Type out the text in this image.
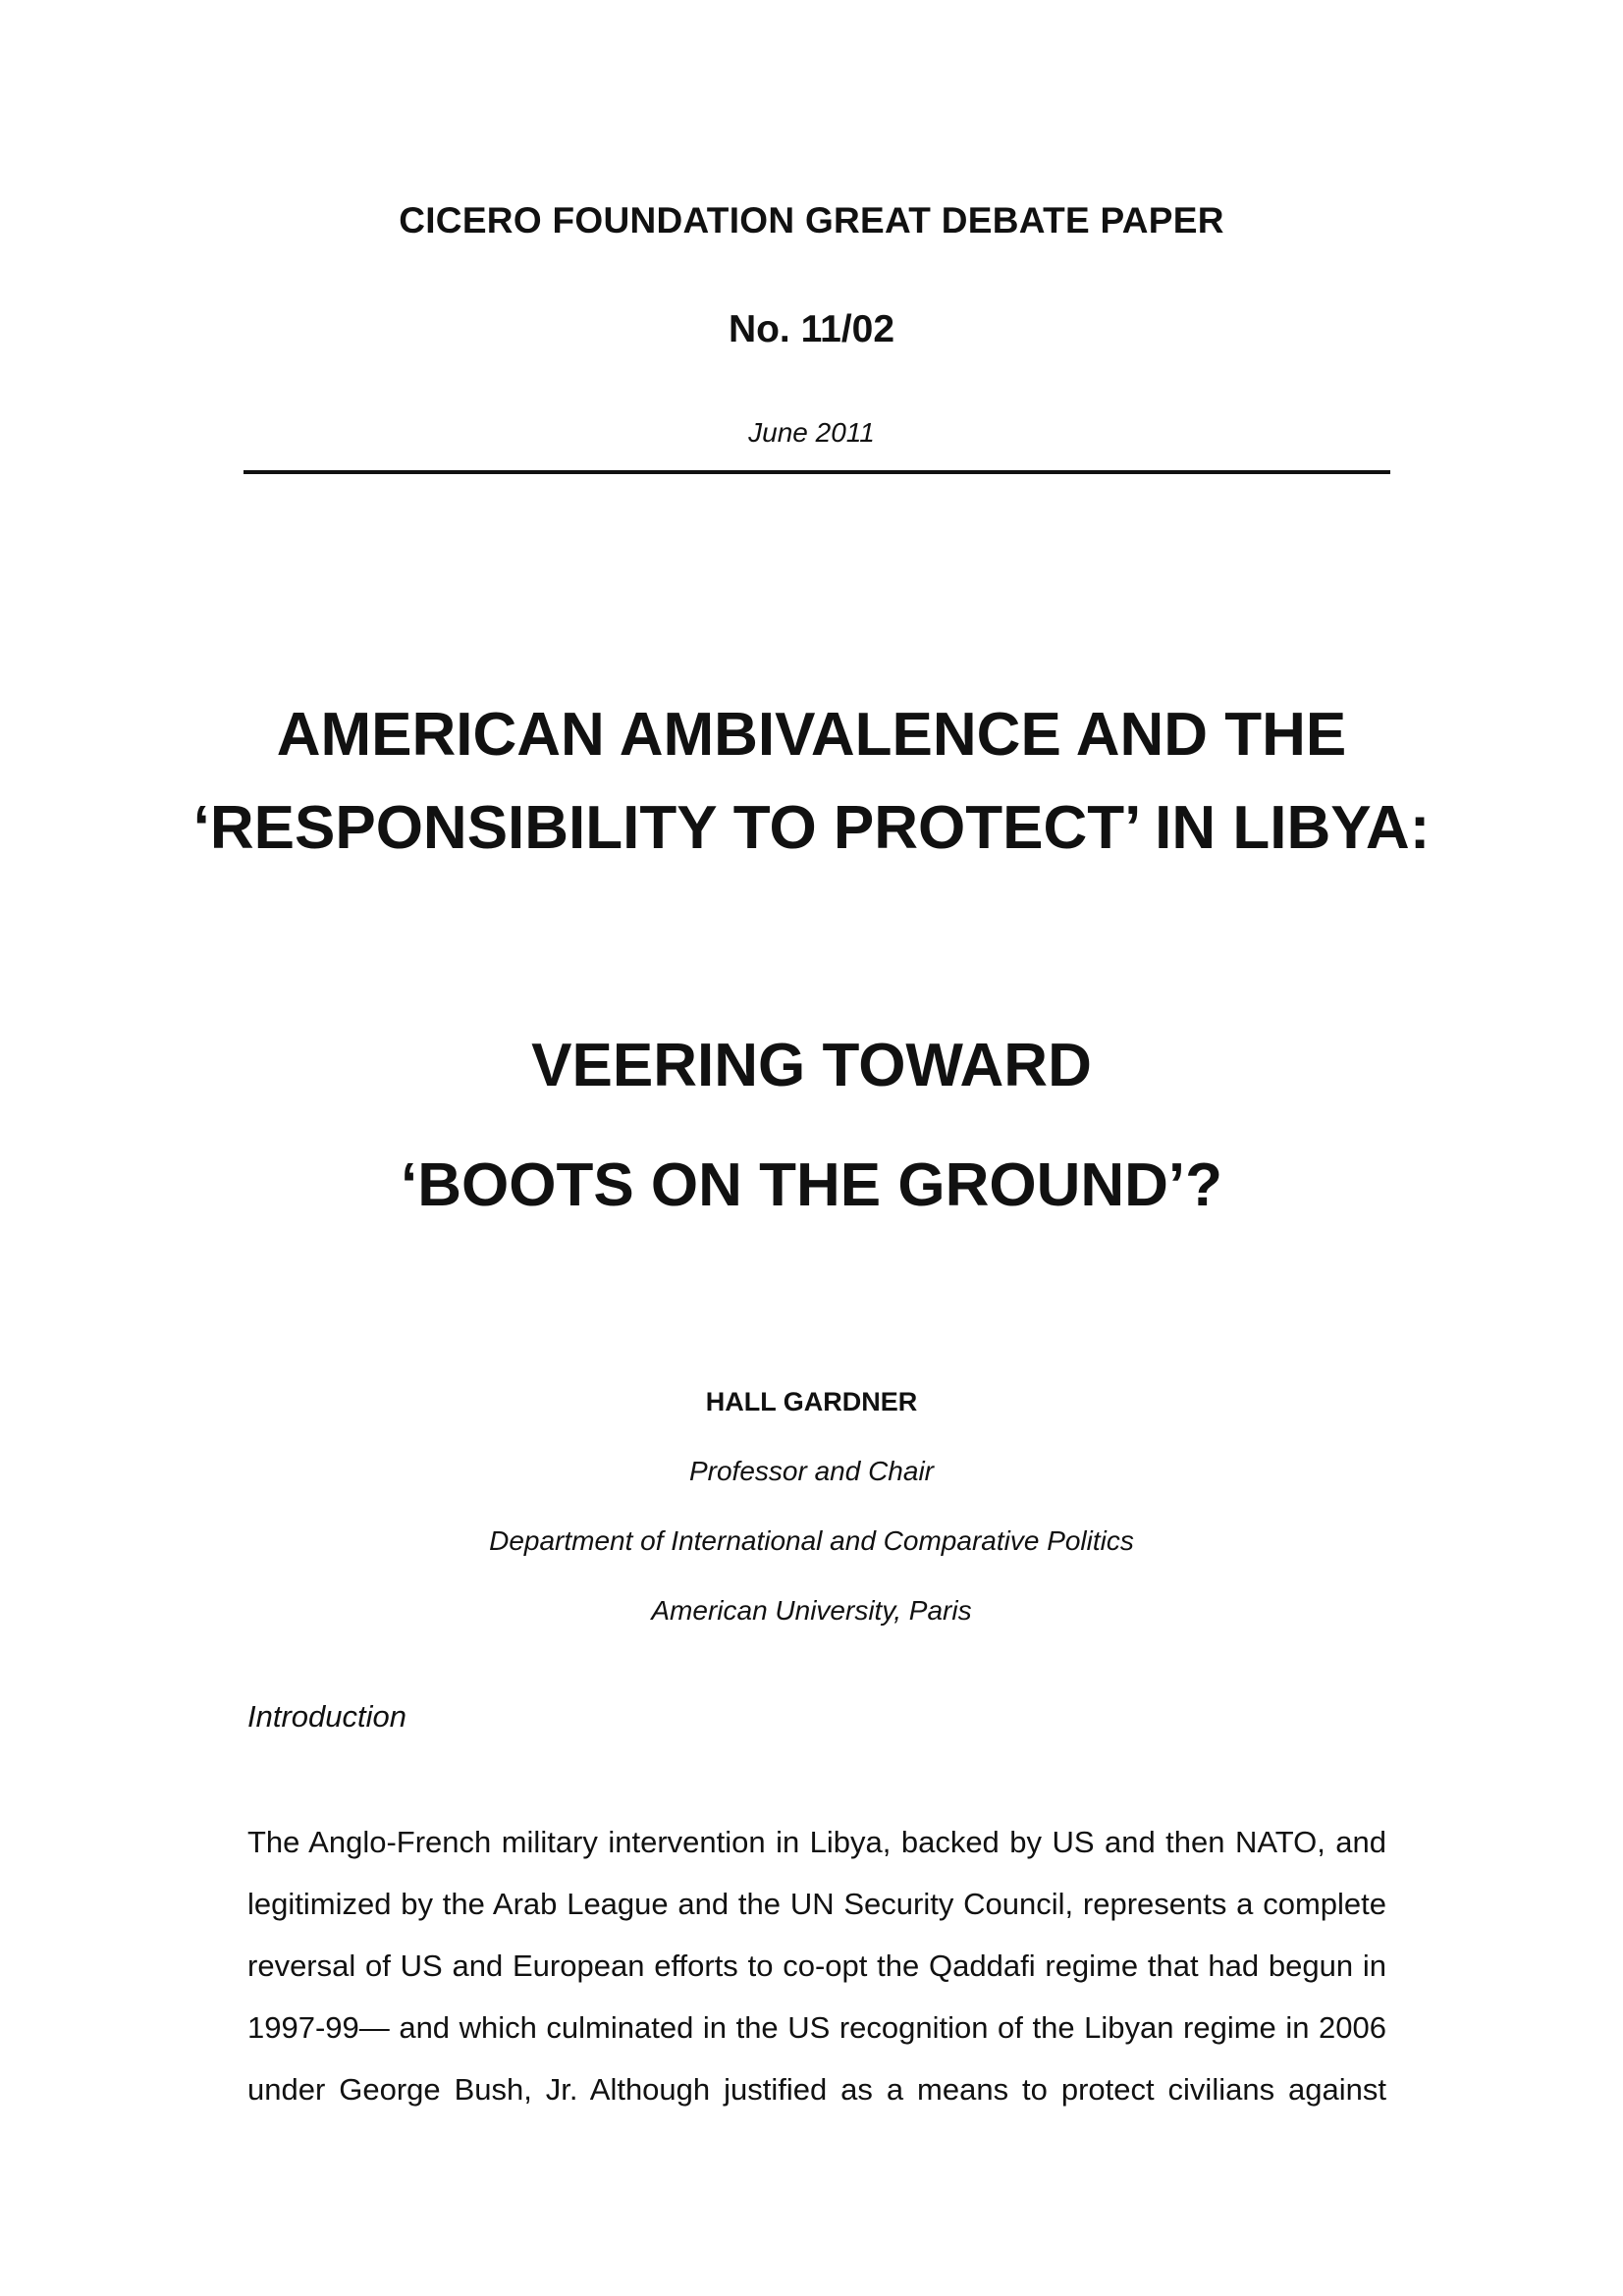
CICERO FOUNDATION GREAT DEBATE PAPER
No. 11/02
June 2011
AMERICAN AMBIVALENCE AND THE
‘RESPONSIBILITY TO PROTECT’ IN LIBYA:
VEERING TOWARD
‘BOOTS ON THE GROUND’?
HALL GARDNER
Professor and Chair
Department of International and Comparative Politics
American University, Paris
Introduction
The Anglo-French military intervention in Libya, backed by US and then NATO, and
legitimized by the Arab League and the UN Security Council, represents a complete
reversal of US and European efforts to co-opt the Qaddafi regime that had begun in
1997-99— and which culminated in the US recognition of the Libyan regime in 2006
under George Bush, Jr. Although justified as a means to protect civilians against
